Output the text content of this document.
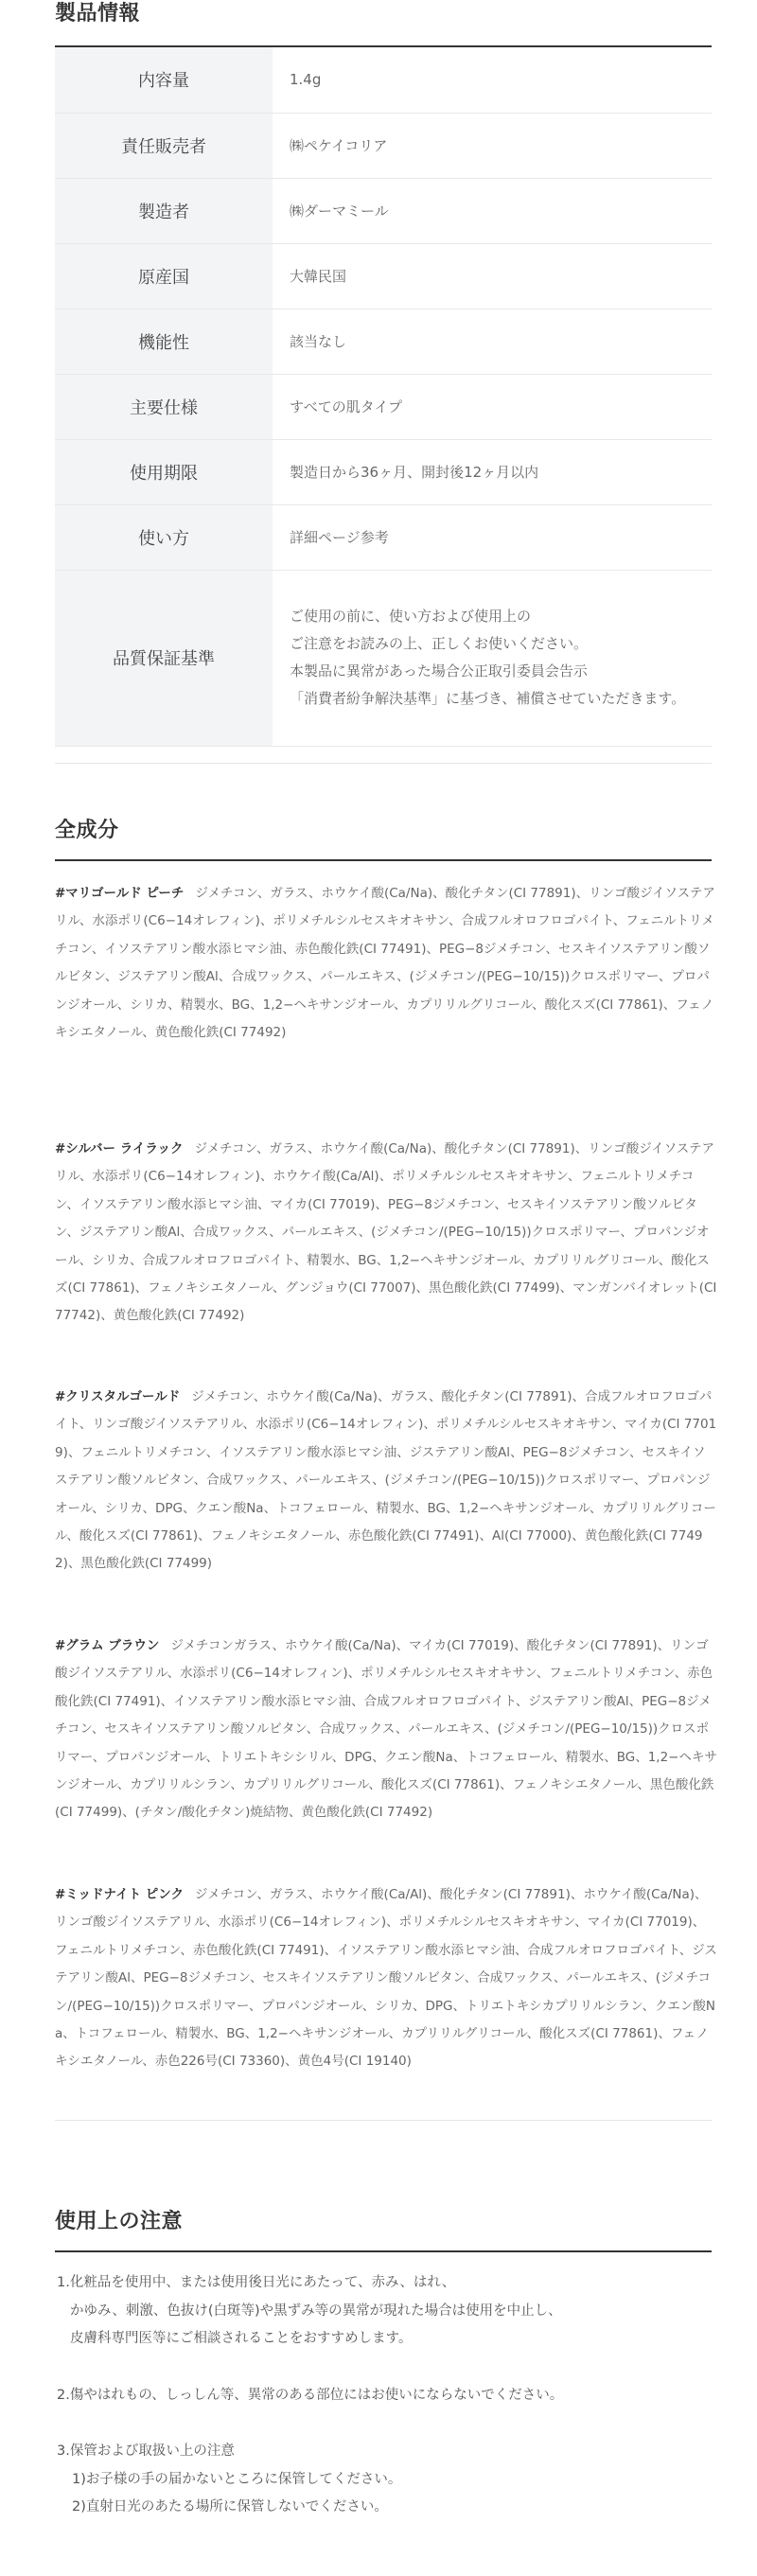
製品情報
内容量	1.4g
責任販売者	㈱ペケイコリア
製造者	㈱ダーマミール
原産国	大韓民国
機能性	該当なし
主要仕様	すべての肌タイプ
使用期限	製造日から36ヶ月、開封後12ヶ月以内
使い方	詳細ページ参考
品質保証基準	ご使用の前に、使い方および使用上の
ご注意をお読みの上、正しくお使いください。
本製品に異常があった場合公正取引委員会告示
「消費者紛争解決基準」に基づき、補償させていただきます。
全成分
#マリゴールド ピーチ ジメチコン、ガラス、ホウケイ酸(Ca/Na)、酸化チタン(CI 77891)、リンゴ酸ジイソステアリル、水添ポリ(C6−14オレフィン)、ポリメチルシルセスキオキサン、合成フルオロフロゴパイト、フェニルトリメチコン、イソステアリン酸水添ヒマシ油、赤色酸化鉄(CI 77491)、PEG−8ジメチコン、セスキイソステアリン酸ソルビタン、ジステアリン酸Al、合成ワックス、パールエキス、(ジメチコン/(PEG−10/15))クロスポリマー、プロパンジオール、シリカ、精製水、BG、1,2−ヘキサンジオール、カプリリルグリコール、酸化スズ(CI 77861)、フェノキシエタノール、黄色酸化鉄(CI 77492)
#シルバー ライラック ジメチコン、ガラス、ホウケイ酸(Ca/Na)、酸化チタン(CI 77891)、リンゴ酸ジイソステアリル、水添ポリ(C6−14オレフィン)、ホウケイ酸(Ca/Al)、ポリメチルシルセスキオキサン、フェニルトリメチコン、イソステアリン酸水添ヒマシ油、マイカ(CI 77019)、PEG−8ジメチコン、セスキイソステアリン酸ソルビタン、ジステアリン酸Al、合成ワックス、パールエキス、(ジメチコン/(PEG−10/15))クロスポリマー、プロパンジオール、シリカ、合成フルオロフロゴパイト、精製水、BG、1,2−ヘキサンジオール、カプリリルグリコール、酸化スズ(CI 77861)、フェノキシエタノール、グンジョウ(CI 77007)、黒色酸化鉄(CI 77499)、マンガンバイオレット(CI 77742)、黄色酸化鉄(CI 77492)
#クリスタルゴールド ジメチコン、ホウケイ酸(Ca/Na)、ガラス、酸化チタン(CI 77891)、合成フルオロフロゴパイト、リンゴ酸ジイソステアリル、水添ポリ(C6−14オレフィン)、ポリメチルシルセスキオキサン、マイカ(CI 77019)、フェニルトリメチコン、イソステアリン酸水添ヒマシ油、ジステアリン酸Al、PEG−8ジメチコン、セスキイソステアリン酸ソルビタン、合成ワックス、パールエキス、(ジメチコン/(PEG−10/15))クロスポリマー、プロパンジオール、シリカ、DPG、クエン酸Na、トコフェロール、精製水、BG、1,2−ヘキサンジオール、カプリリルグリコール、酸化スズ(CI 77861)、フェノキシエタノール、赤色酸化鉄(CI 77491)、Al(CI 77000)、黄色酸化鉄(CI 77492)、黒色酸化鉄(CI 77499)
#グラム ブラウン ジメチコンガラス、ホウケイ酸(Ca/Na)、マイカ(CI 77019)、酸化チタン(CI 77891)、リンゴ酸ジイソステアリル、水添ポリ(C6−14オレフィン)、ポリメチルシルセスキオキサン、フェニルトリメチコン、赤色酸化鉄(CI 77491)、イソステアリン酸水添ヒマシ油、合成フルオロフロゴパイト、ジステアリン酸Al、PEG−8ジメチコン、セスキイソステアリン酸ソルビタン、合成ワックス、パールエキス、(ジメチコン/(PEG−10/15))クロスポリマー、プロパンジオール、トリエトキシシリル、DPG、クエン酸Na、トコフェロール、精製水、BG、1,2−ヘキサンジオール、カプリリルシラン、カプリリルグリコール、酸化スズ(CI 77861)、フェノキシエタノール、黒色酸化鉄(CI 77499)、(チタン/酸化チタン)焼結物、黄色酸化鉄(CI 77492)
#ミッドナイト ピンク ジメチコン、ガラス、ホウケイ酸(Ca/Al)、酸化チタン(CI 77891)、ホウケイ酸(Ca/Na)、リンゴ酸ジイソステアリル、水添ポリ(C6−14オレフィン)、ポリメチルシルセスキオキサン、マイカ(CI 77019)、フェニルトリメチコン、赤色酸化鉄(CI 77491)、イソステアリン酸水添ヒマシ油、合成フルオロフロゴパイト、ジステアリン酸Al、PEG−8ジメチコン、セスキイソステアリン酸ソルビタン、合成ワックス、パールエキス、(ジメチコン/(PEG−10/15))クロスポリマー、プロパンジオール、シリカ、DPG、トリエトキシカプリリルシラン、クエン酸Na、トコフェロール、精製水、BG、1,2−ヘキサンジオール、カプリリルグリコール、酸化スズ(CI 77861)、フェノキシエタノール、赤色226号(CI 73360)、黄色4号(CI 19140)
使用上の注意
1.化粧品を使用中、または使用後日光にあたって、赤み、はれ、
かゆみ、刺激、色抜け(白斑等)や黒ずみ等の異常が現れた場合は使用を中止し、
皮膚科専門医等にご相談されることをおすすめします。
2.傷やはれもの、しっしん等、異常のある部位にはお使いにならないでください。
3.保管および取扱い上の注意
1)お子様の手の届かないところに保管してください。
2)直射日光のあたる場所に保管しないでください。
